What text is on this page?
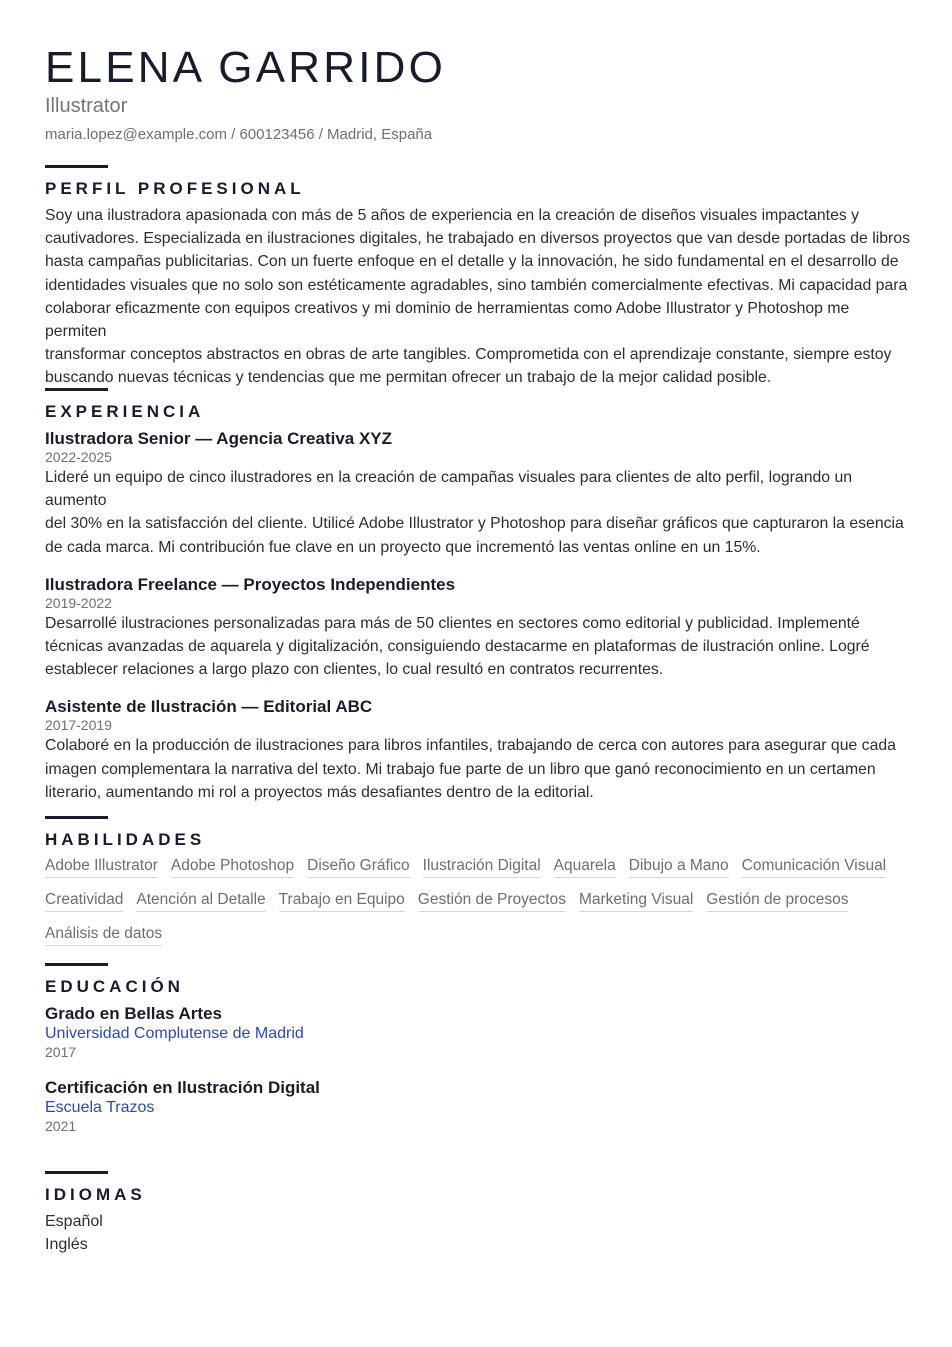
ELENA GARRIDO
Illustrator
maria.lopez@example.com / 600123456 / Madrid, España
PERFIL PROFESIONAL
Soy una ilustradora apasionada con más de 5 años de experiencia en la creación de diseños visuales impactantes y
cautivadores. Especializada en ilustraciones digitales, he trabajado en diversos proyectos que van desde portadas de libros
hasta campañas publicitarias. Con un fuerte enfoque en el detalle y la innovación, he sido fundamental en el desarrollo de
identidades visuales que no solo son estéticamente agradables, sino también comercialmente efectivas. Mi capacidad para
colaborar eficazmente con equipos creativos y mi dominio de herramientas como Adobe Illustrator y Photoshop me permiten
transformar conceptos abstractos en obras de arte tangibles. Comprometida con el aprendizaje constante, siempre estoy
buscando nuevas técnicas y tendencias que me permitan ofrecer un trabajo de la mejor calidad posible.
EXPERIENCIA
Ilustradora Senior — Agencia Creativa XYZ
2022-2025
Lideré un equipo de cinco ilustradores en la creación de campañas visuales para clientes de alto perfil, logrando un aumento
del 30% en la satisfacción del cliente. Utilicé Adobe Illustrator y Photoshop para diseñar gráficos que capturaron la esencia
de cada marca. Mi contribución fue clave en un proyecto que incrementó las ventas online en un 15%.
Ilustradora Freelance — Proyectos Independientes
2019-2022
Desarrollé ilustraciones personalizadas para más de 50 clientes en sectores como editorial y publicidad. Implementé
técnicas avanzadas de aquarela y digitalización, consiguiendo destacarme en plataformas de ilustración online. Logré
establecer relaciones a largo plazo con clientes, lo cual resultó en contratos recurrentes.
Asistente de Ilustración — Editorial ABC
2017-2019
Colaboré en la producción de ilustraciones para libros infantiles, trabajando de cerca con autores para asegurar que cada
imagen complementara la narrativa del texto. Mi trabajo fue parte de un libro que ganó reconocimiento en un certamen
literario, aumentando mi rol a proyectos más desafiantes dentro de la editorial.
HABILIDADES
Adobe Illustrator Adobe Photoshop Diseño Gráfico Ilustración Digital Aquarela Dibujo a Mano Comunicación Visual
Creatividad Atención al Detalle Trabajo en Equipo Gestión de Proyectos Marketing Visual Gestión de procesos
Análisis de datos
EDUCACIÓN
Grado en Bellas Artes
Universidad Complutense de Madrid
2017
Certificación en Ilustración Digital
Escuela Trazos
2021
IDIOMAS
Español
Inglés
